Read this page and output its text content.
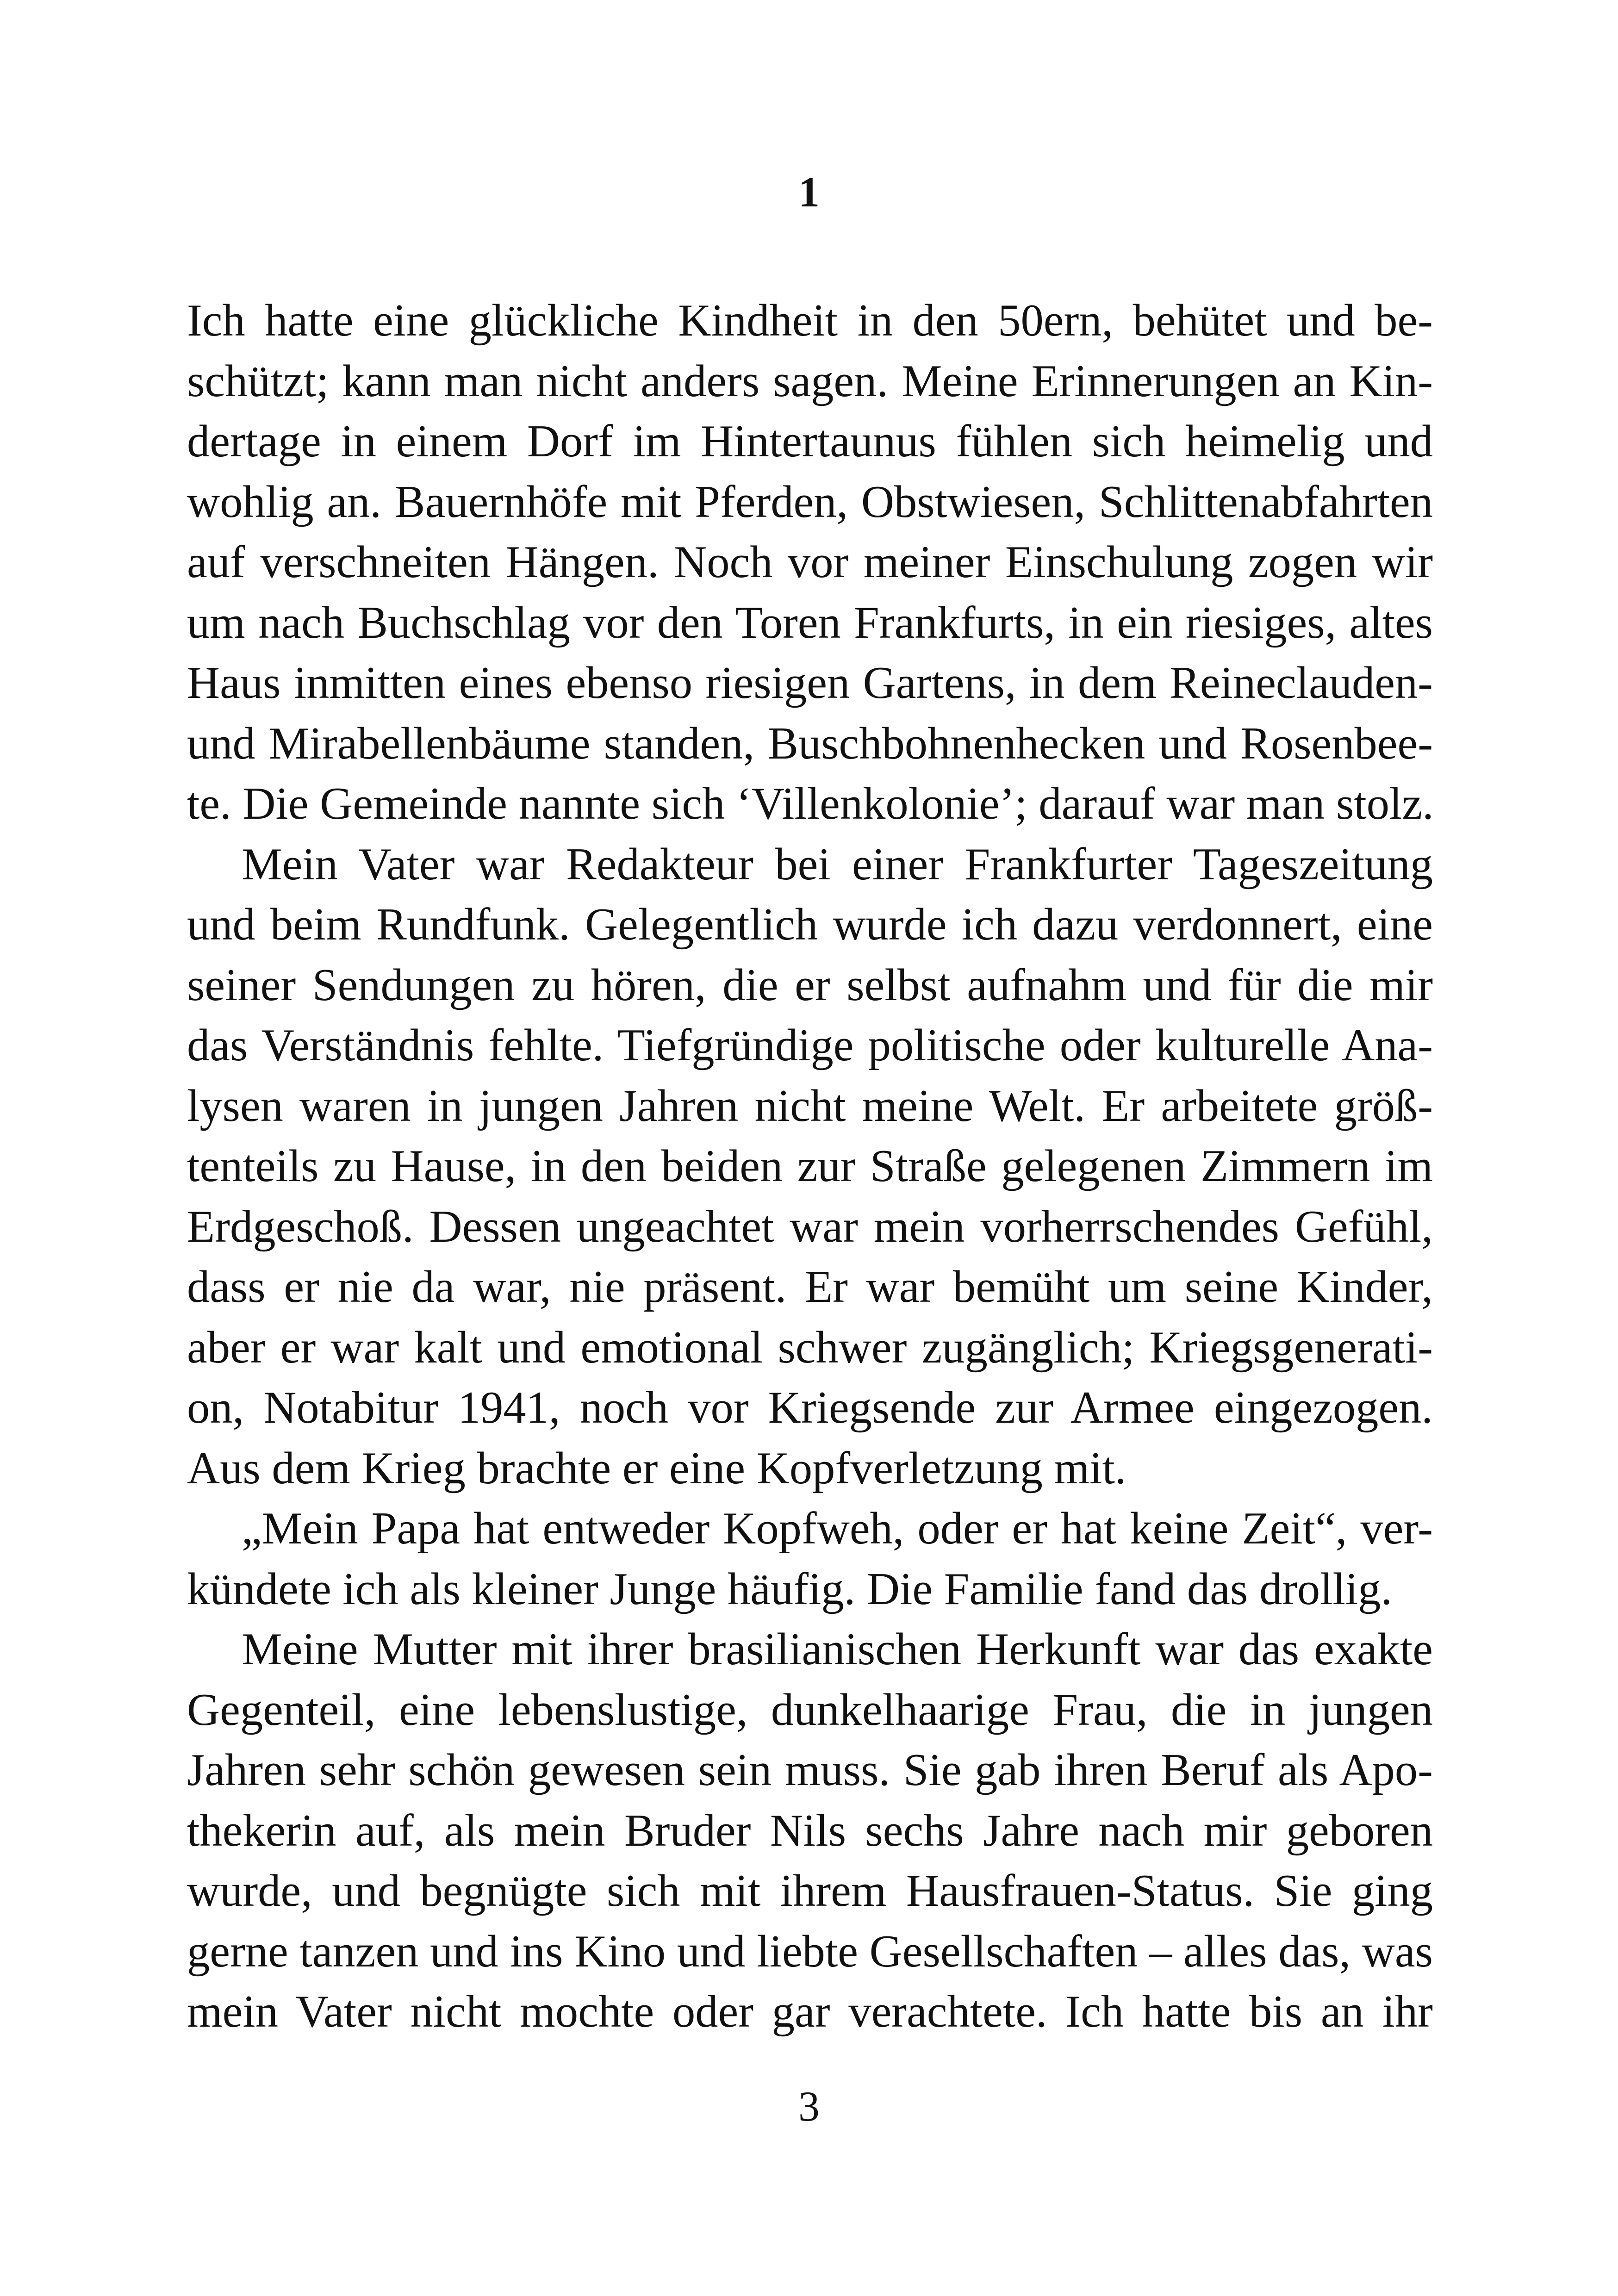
1
Ich hatte eine glückliche Kindheit in den 50ern, behütet und be-
schützt; kann man nicht anders sagen. Meine Erinnerungen an Kin-
dertage in einem Dorf im Hintertaunus fühlen sich heimelig und
wohlig an. Bauernhöfe mit Pferden, Obstwiesen, Schlittenabfahrten
auf verschneiten Hängen. Noch vor meiner Einschulung zogen wir
um nach Buchschlag vor den Toren Frankfurts, in ein riesiges, altes
Haus inmitten eines ebenso riesigen Gartens, in dem Reineclauden-
und Mirabellenbäume standen, Buschbohnenhecken und Rosenbee-
te. Die Gemeinde nannte sich ‘Villenkolonie’; darauf war man stolz.
Mein Vater war Redakteur bei einer Frankfurter Tageszeitung
und beim Rundfunk. Gelegentlich wurde ich dazu verdonnert, eine
seiner Sendungen zu hören, die er selbst aufnahm und für die mir
das Verständnis fehlte. Tiefgründige politische oder kulturelle Ana-
lysen waren in jungen Jahren nicht meine Welt. Er arbeitete größ-
tenteils zu Hause, in den beiden zur Straße gelegenen Zimmern im
Erdgeschoß. Dessen ungeachtet war mein vorherrschendes Gefühl,
dass er nie da war, nie präsent. Er war bemüht um seine Kinder,
aber er war kalt und emotional schwer zugänglich; Kriegsgenerati-
on, Notabitur 1941, noch vor Kriegsende zur Armee eingezogen.
Aus dem Krieg brachte er eine Kopfverletzung mit.
„Mein Papa hat entweder Kopfweh, oder er hat keine Zeit“, ver-
kündete ich als kleiner Junge häufig. Die Familie fand das drollig.
Meine Mutter mit ihrer brasilianischen Herkunft war das exakte
Gegenteil, eine lebenslustige, dunkelhaarige Frau, die in jungen
Jahren sehr schön gewesen sein muss. Sie gab ihren Beruf als Apo-
thekerin auf, als mein Bruder Nils sechs Jahre nach mir geboren
wurde, und begnügte sich mit ihrem Hausfrauen-Status. Sie ging
gerne tanzen und ins Kino und liebte Gesellschaften – alles das, was
mein Vater nicht mochte oder gar verachtete. Ich hatte bis an ihr
3
